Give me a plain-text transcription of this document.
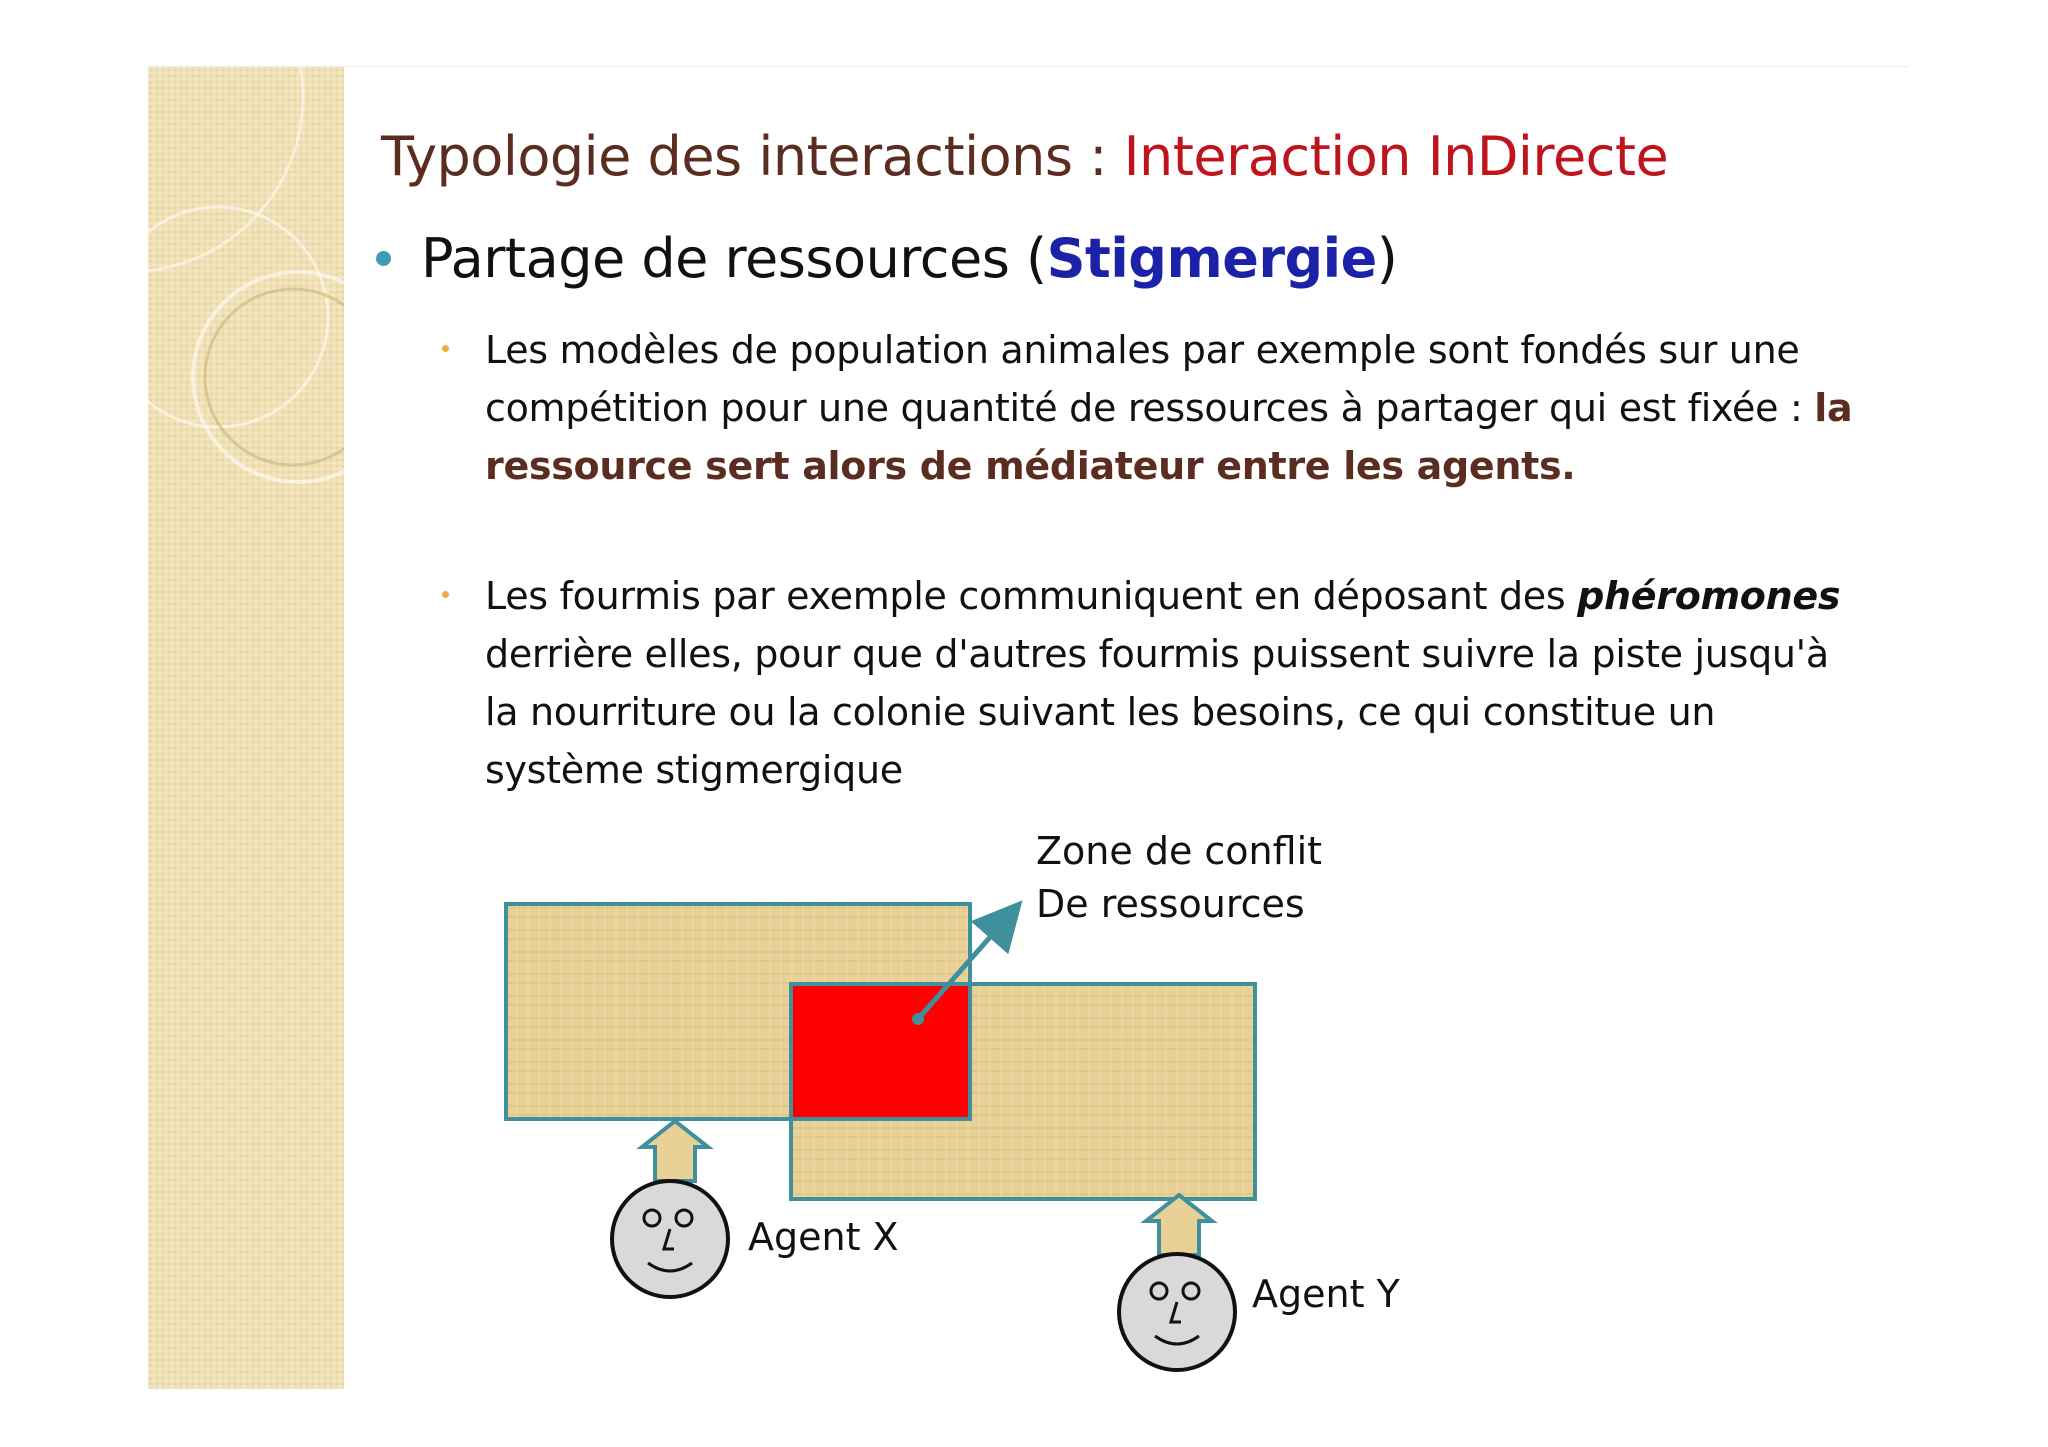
Typologie des interactions : Interaction InDirecte
Partage de ressources (Stigmergie)
Les modèles de population animales par exemple sont fondés sur une compétition pour une quantité de ressources à partager qui est fixée : la ressource sert alors de médiateur entre les agents.
Les fourmis par exemple communiquent en déposant des phéromones derrière elles, pour que d'autres fourmis puissent suivre la piste jusqu'à la nourriture ou la colonie suivant les besoins, ce qui constitue un système stigmergique
Zone de conflit
De ressources
Agent X
Agent Y
